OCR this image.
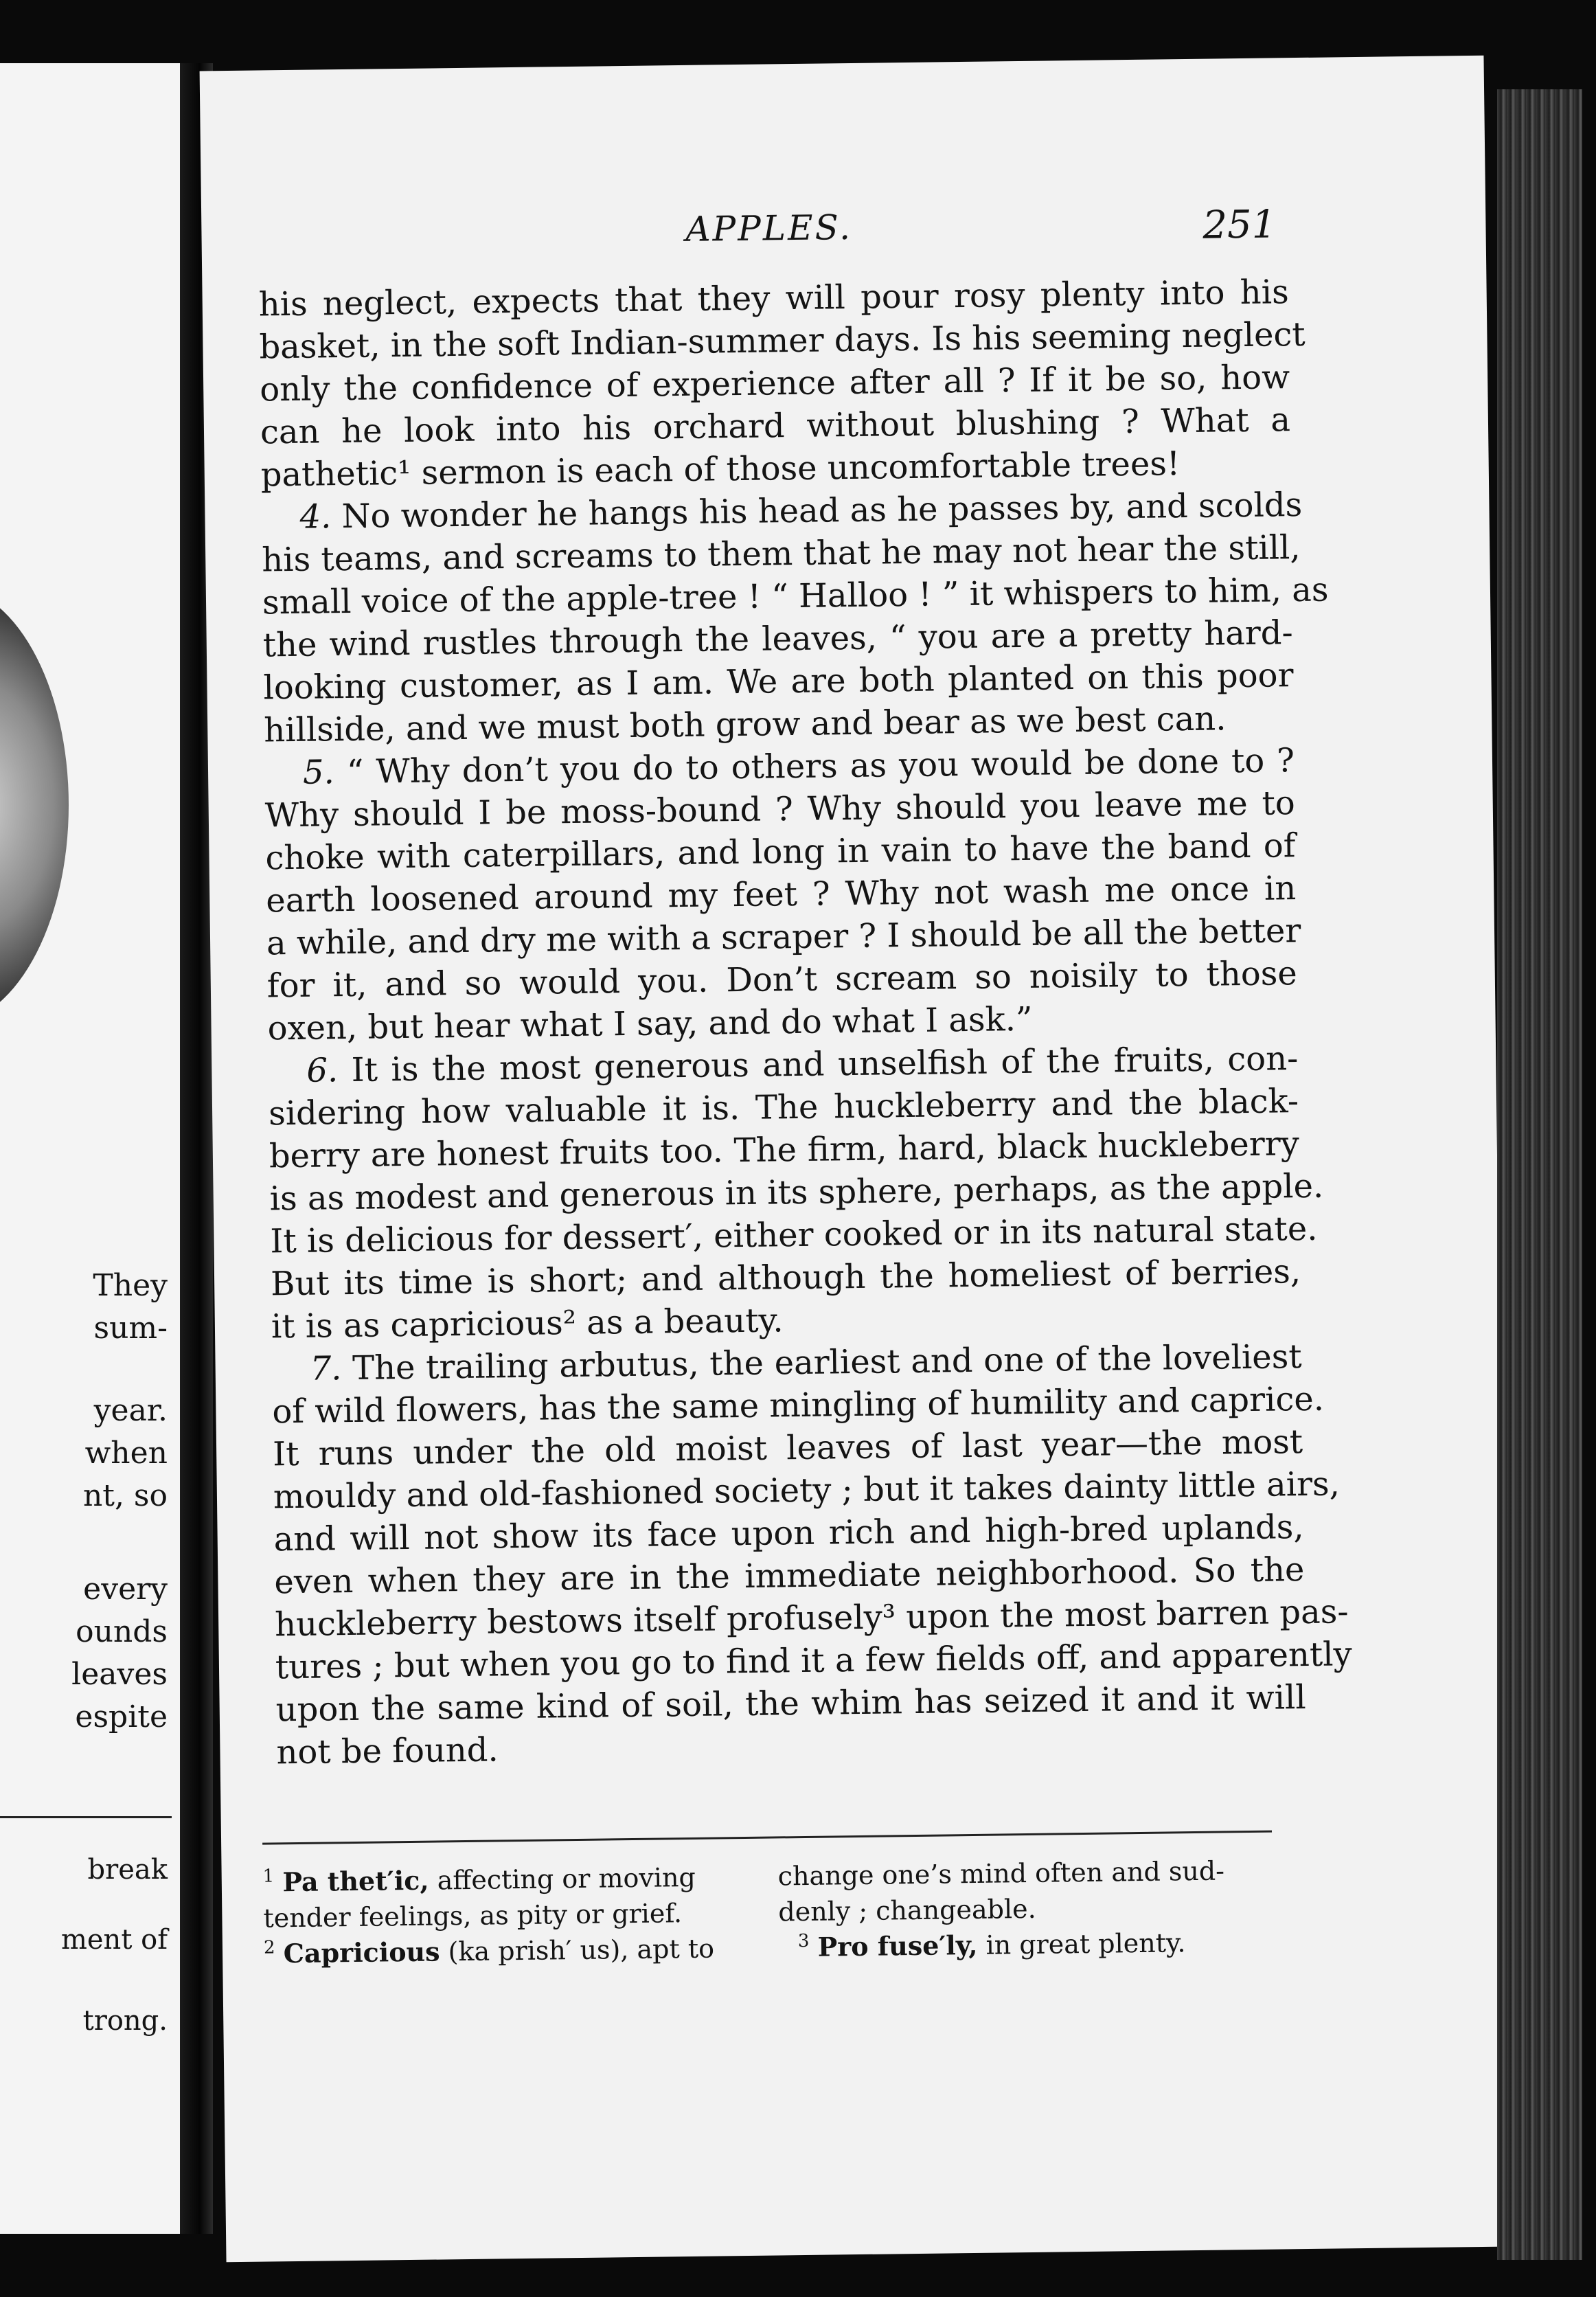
They
sum-
year.
when
nt, so
every
ounds
leaves
espite
break
ment of
trong.
APPLES.	251
his neglect, expects that they will pour rosy plenty into his
basket, in the soft Indian-summer days. Is his seeming neglect
only the confidence of experience after all ? If it be so, how
can he look into his orchard without blushing ? What a
pathetic¹ sermon is each of those uncomfortable trees!
4. No wonder he hangs his head as he passes by, and scolds
his teams, and screams to them that he may not hear the still,
small voice of the apple-tree ! “ Halloo ! ” it whispers to him, as
the wind rustles through the leaves, “ you are a pretty hard-
looking customer, as I am. We are both planted on this poor
hillside, and we must both grow and bear as we best can.
5. “ Why don’t you do to others as you would be done to ?
Why should I be moss-bound ? Why should you leave me to
choke with caterpillars, and long in vain to have the band of
earth loosened around my feet ? Why not wash me once in
a while, and dry me with a scraper ? I should be all the better
for it, and so would you. Don’t scream so noisily to those
oxen, but hear what I say, and do what I ask.”
6. It is the most generous and unselfish of the fruits, con-
sidering how valuable it is. The huckleberry and the black-
berry are honest fruits too. The firm, hard, black huckleberry
is as modest and generous in its sphere, perhaps, as the apple.
It is delicious for dessert′, either cooked or in its natural state.
But its time is short; and although the homeliest of berries,
it is as capricious² as a beauty.
7. The trailing arbutus, the earliest and one of the loveliest
of wild flowers, has the same mingling of humility and caprice.
It runs under the old moist leaves of last year—the most
mouldy and old-fashioned society ; but it takes dainty little airs,
and will not show its face upon rich and high-bred uplands,
even when they are in the immediate neighborhood. So the
huckleberry bestows itself profusely³ upon the most barren pas-
tures ; but when you go to find it a few fields off, and apparently
upon the same kind of soil, the whim has seized it and it will
not be found.
$^1$ Pa thet′ic, affecting or moving
tender feelings, as pity or grief.
$^2$ Capricious (ka prish′ us), apt to
change one’s mind often and sud-
denly ; changeable.
$^3$ Pro fuse′ly, in great plenty.
